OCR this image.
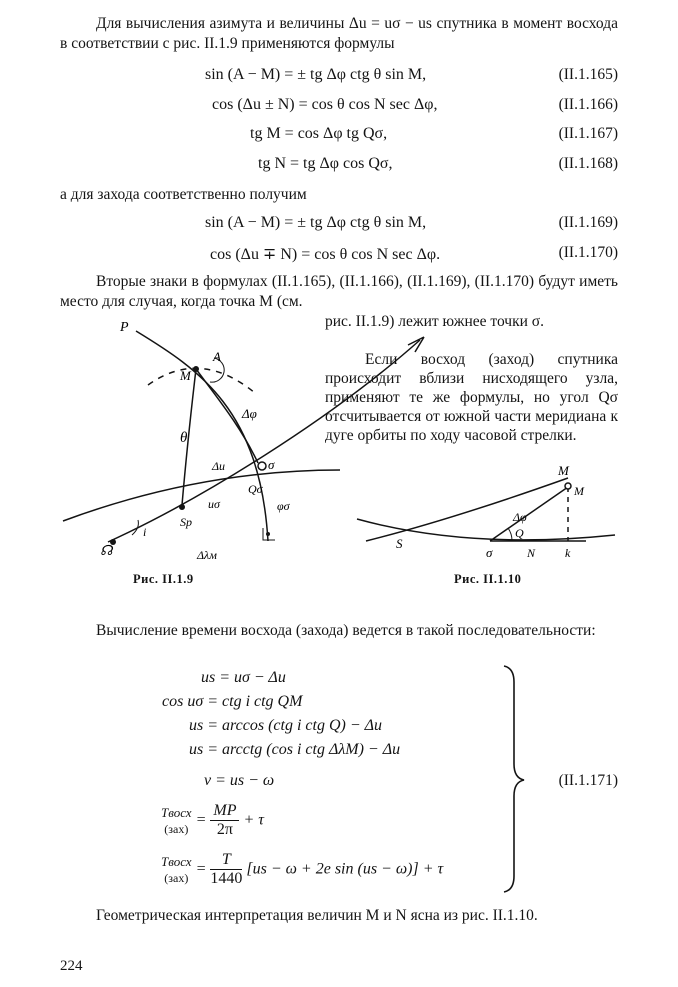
Для вычисления азимута и величины Δu = uσ − us спутника в момент восхода в соответствии с рис. II.1.9 применяются формулы
sin (A − M) = ± tg Δφ ctg θ sin M,	(II.1.165)
cos (Δu ± N) = cos θ cos N sec Δφ,	(II.1.166)
tg M = cos Δφ tg Qσ,	(II.1.167)
tg N = tg Δφ cos Qσ,	(II.1.168)
а для захода соответственно получим
sin (A − M) = ± tg Δφ ctg θ sin M,	(II.1.169)
cos (Δu ∓ N) = cos θ cos N sec Δφ.	(II.1.170)
Вторые знаки в формулах (II.1.165), (II.1.166), (II.1.169), (II.1.170) будут иметь место для случая, когда точка M (см.
рис. II.1.9) лежит южнее точки σ.
Если восход (заход) спутника происходит вблизи нисходящего узла, применяют те же формулы, но угол Qσ отсчитывается от южной части меридиана к дуге орбиты по ходу часовой стрелки.
P
A
M
θ
Δφ
Δu	σ
Qσ
φσ
uσ
Sp
☊
i
Δλм
Рис. II.1.9
M
M
S
σ	N k
Δφ
Q
Рис. II.1.10
Вычисление времени восхода (захода) ведется в такой последовательности:
us = uσ − Δu
cos uσ = ctg i ctg QM
us = arccos (ctg i ctg Q) − Δu
us = arcctg (cos i ctg ΔλM) − Δu
v = us − ω
Tвосх
$(зах) = \frac{MP}{2\pi} + \tau$
Tвосх
$(зах) = \frac{T}{1440} [us - \omega + 2e$ sin (us − ω)] + τ
(II.1.171)
Геометрическая интерпретация величин M и N ясна из рис. II.1.10.
224
